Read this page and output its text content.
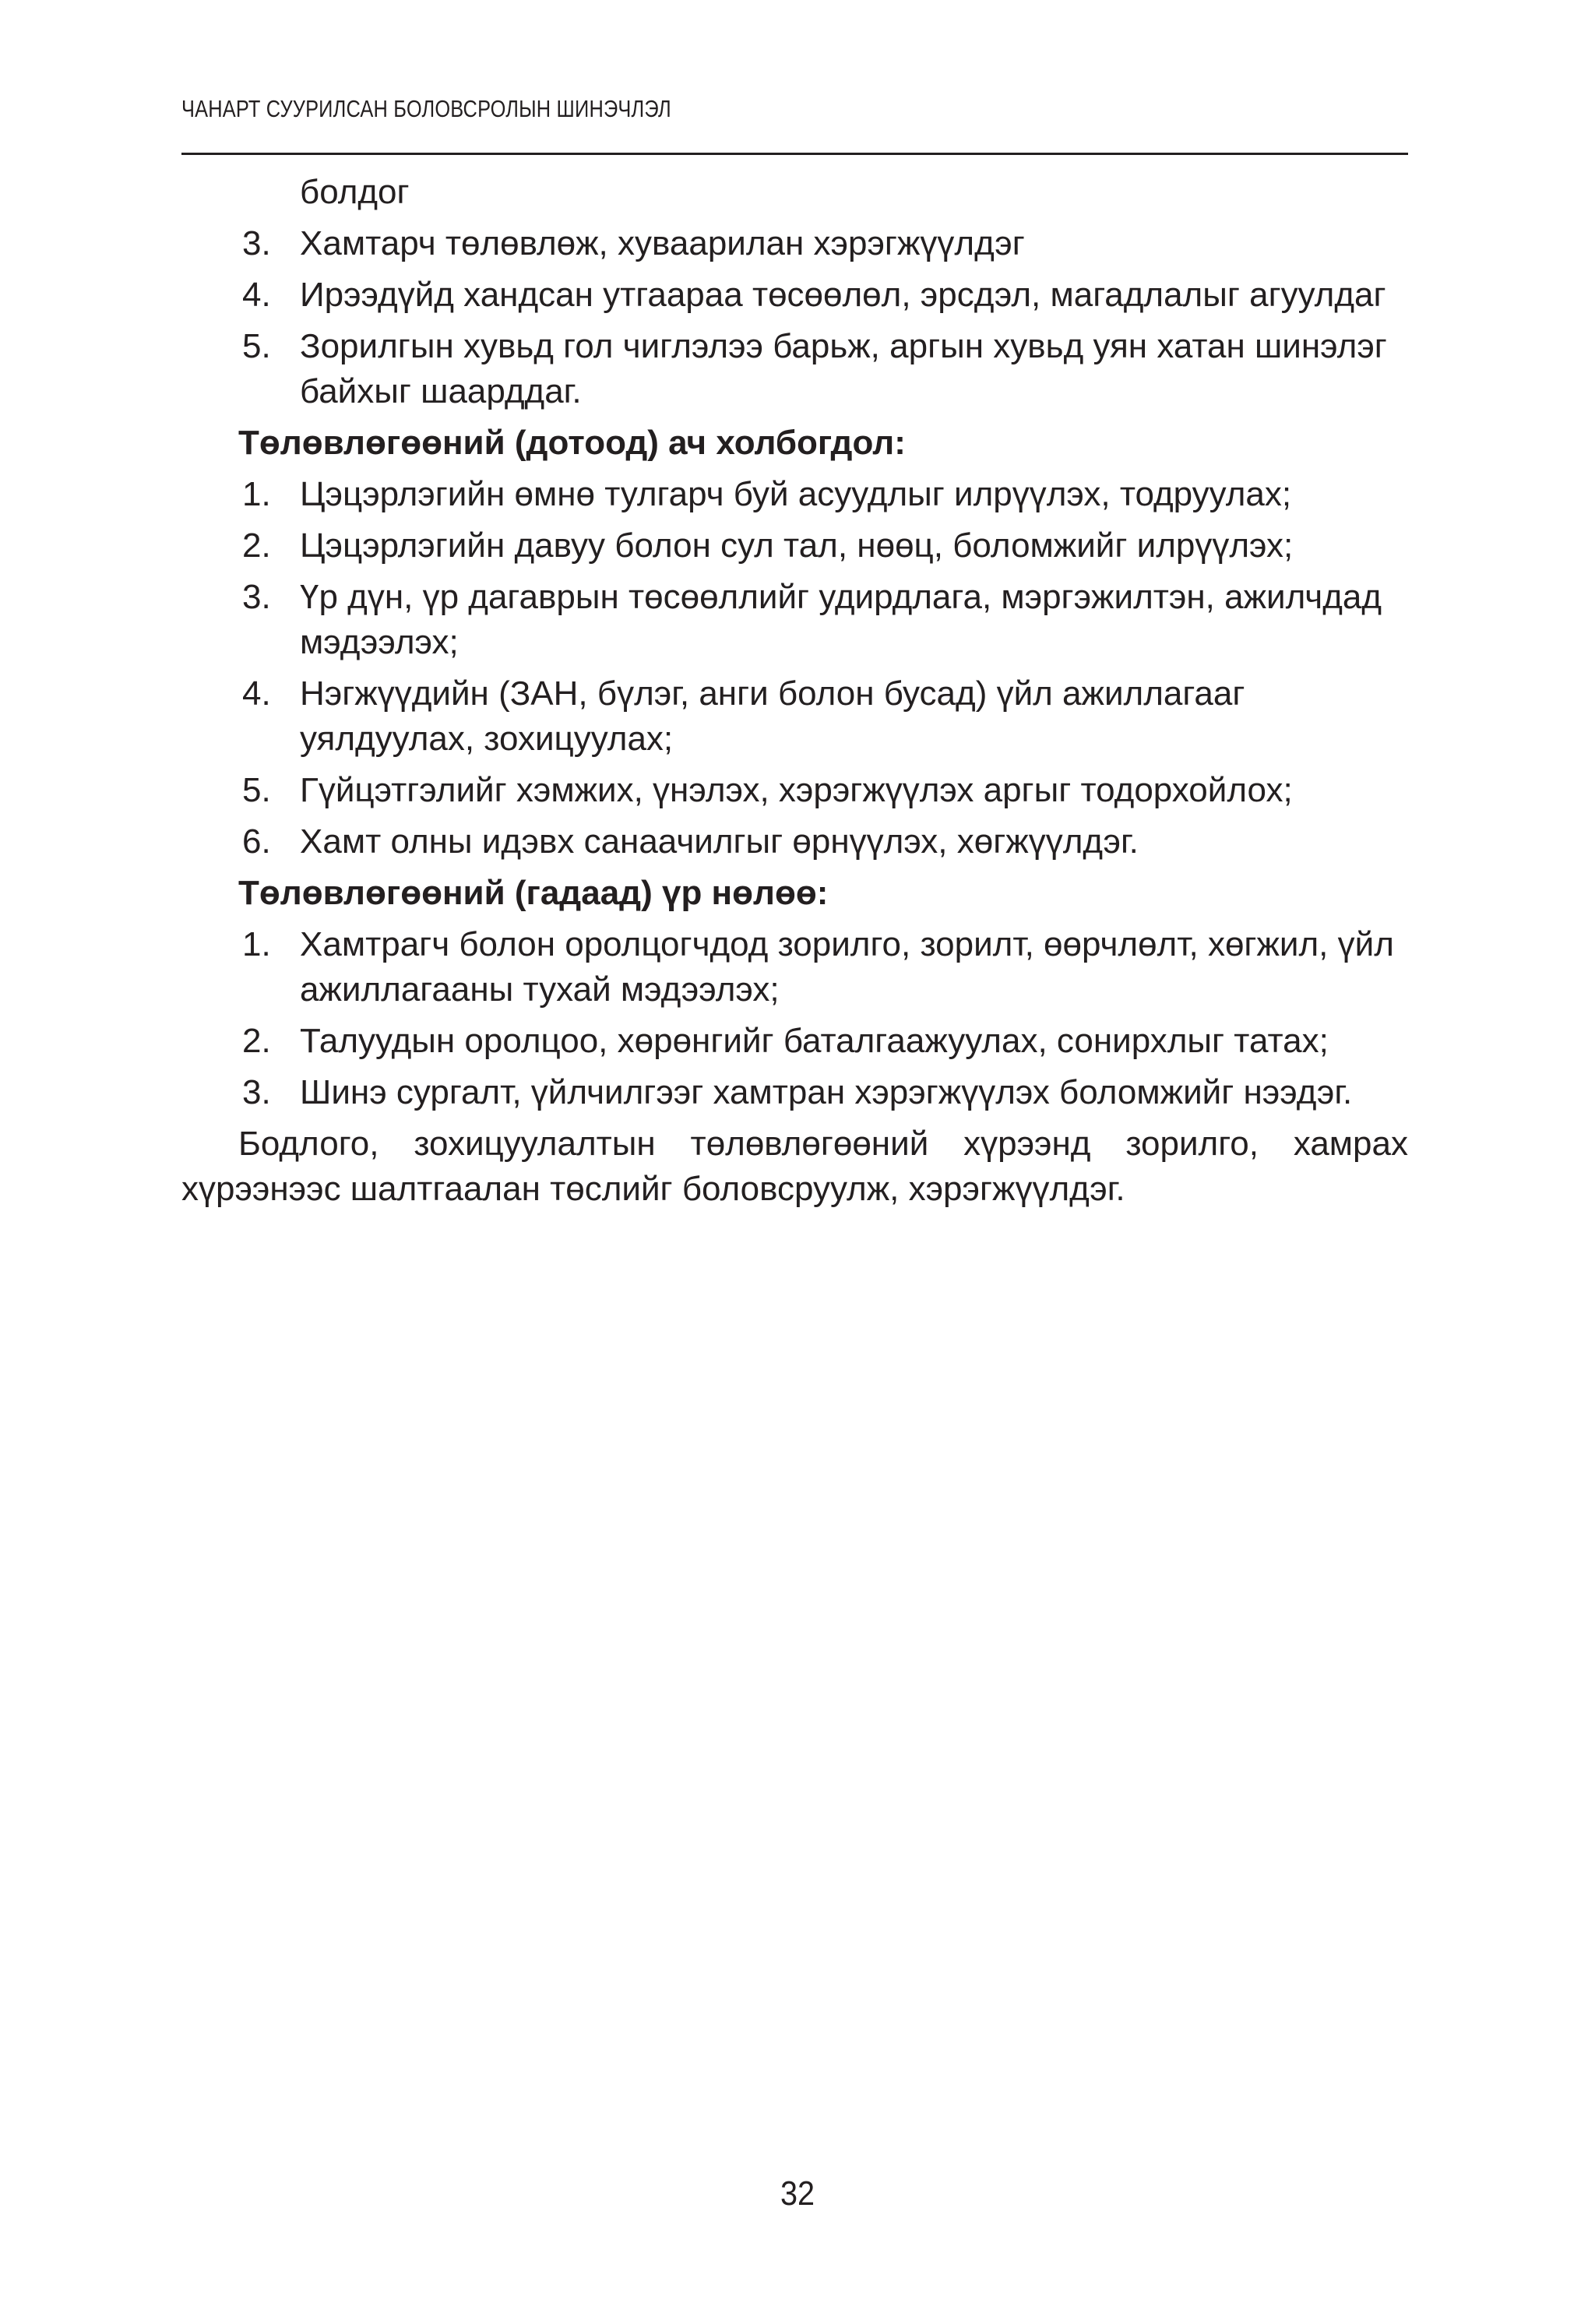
ЧАНАРТ СУУРИЛСАН БОЛОВСРОЛЫН ШИНЭЧЛЭЛ
болдог
3. Хамтарч төлөвлөж, хуваарилан хэрэгжүүлдэг
4. Ирээдүйд хандсан утгаараа төсөөлөл, эрсдэл, магадлалыг агуулдаг
5. Зорилгын хувьд гол чиглэлээ барьж, аргын хувьд уян хатан шинэлэг байхыг шаарддаг.
Төлөвлөгөөний (дотоод) ач холбогдол:
1. Цэцэрлэгийн өмнө тулгарч буй асуудлыг илрүүлэх, тодруулах;
2. Цэцэрлэгийн давуу болон сул тал, нөөц, боломжийг илрүүлэх;
3. Үр дүн, үр дагаврын төсөөллийг удирдлага, мэргэжилтэн, ажилчдад мэдээлэх;
4. Нэгжүүдийн (ЗАН, бүлэг, анги болон бусад) үйл ажиллагааг уялдуулах, зохицуулах;
5. Гүйцэтгэлийг хэмжих, үнэлэх, хэрэгжүүлэх аргыг тодорхойлох;
6. Хамт олны идэвх санаачилгыг өрнүүлэх, хөгжүүлдэг.
Төлөвлөгөөний (гадаад) үр нөлөө:
1. Хамтрагч болон оролцогчдод зорилго, зорилт, өөрчлөлт, хөгжил, үйл ажиллагааны тухай мэдээлэх;
2. Талуудын оролцоо, хөрөнгийг баталгаажуулах, сонирхлыг татах;
3. Шинэ сургалт, үйлчилгээг хамтран хэрэгжүүлэх боломжийг нээдэг.

Бодлого, зохицуулалтын төлөвлөгөөний хүрээнд зорилго, хамрах хүрээнээс шалтгаалан төслийг боловсруулж, хэрэгжүүлдэг.

32
